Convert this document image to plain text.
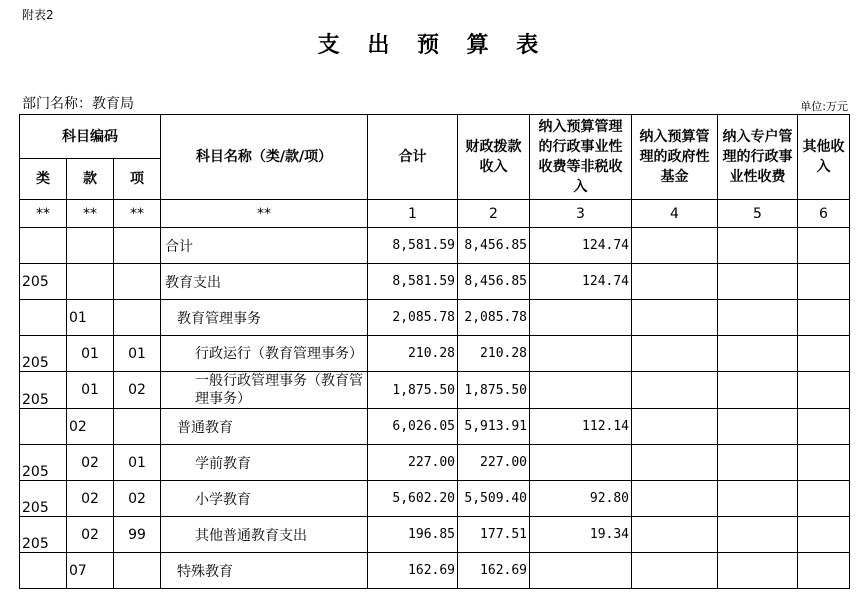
附表2
支 出 预 算 表
部门名称：教育局	单位:万元
科目编码			科目名称（类/款/项）	合计	财政拨款收入	纳入预算管理的行政事业性收费等非税收入	纳入预算管理的政府性基金	纳入专户管理的行政事业性收费	其他收入
类	款	项							
**	**	**	**	1	2	3	4	5	6
			合计	8,581.59	8,456.85	124.74			
205			教育支出	8,581.59	8,456.85	124.74			
	01		教育管理事务	2,085.78	2,085.78				
205	01	01	行政运行（教育管理事务）	210.28	210.28				
205	01	02	一般行政管理事务（教育管理事务）	1,875.50	1,875.50				
	02		普通教育	6,026.05	5,913.91	112.14			
205	02	01	学前教育	227.00	227.00				
205	02	02	小学教育	5,602.20	5,509.40	92.80			
205	02	99	其他普通教育支出	196.85	177.51	19.34			
	07		特殊教育	162.69	162.69				
